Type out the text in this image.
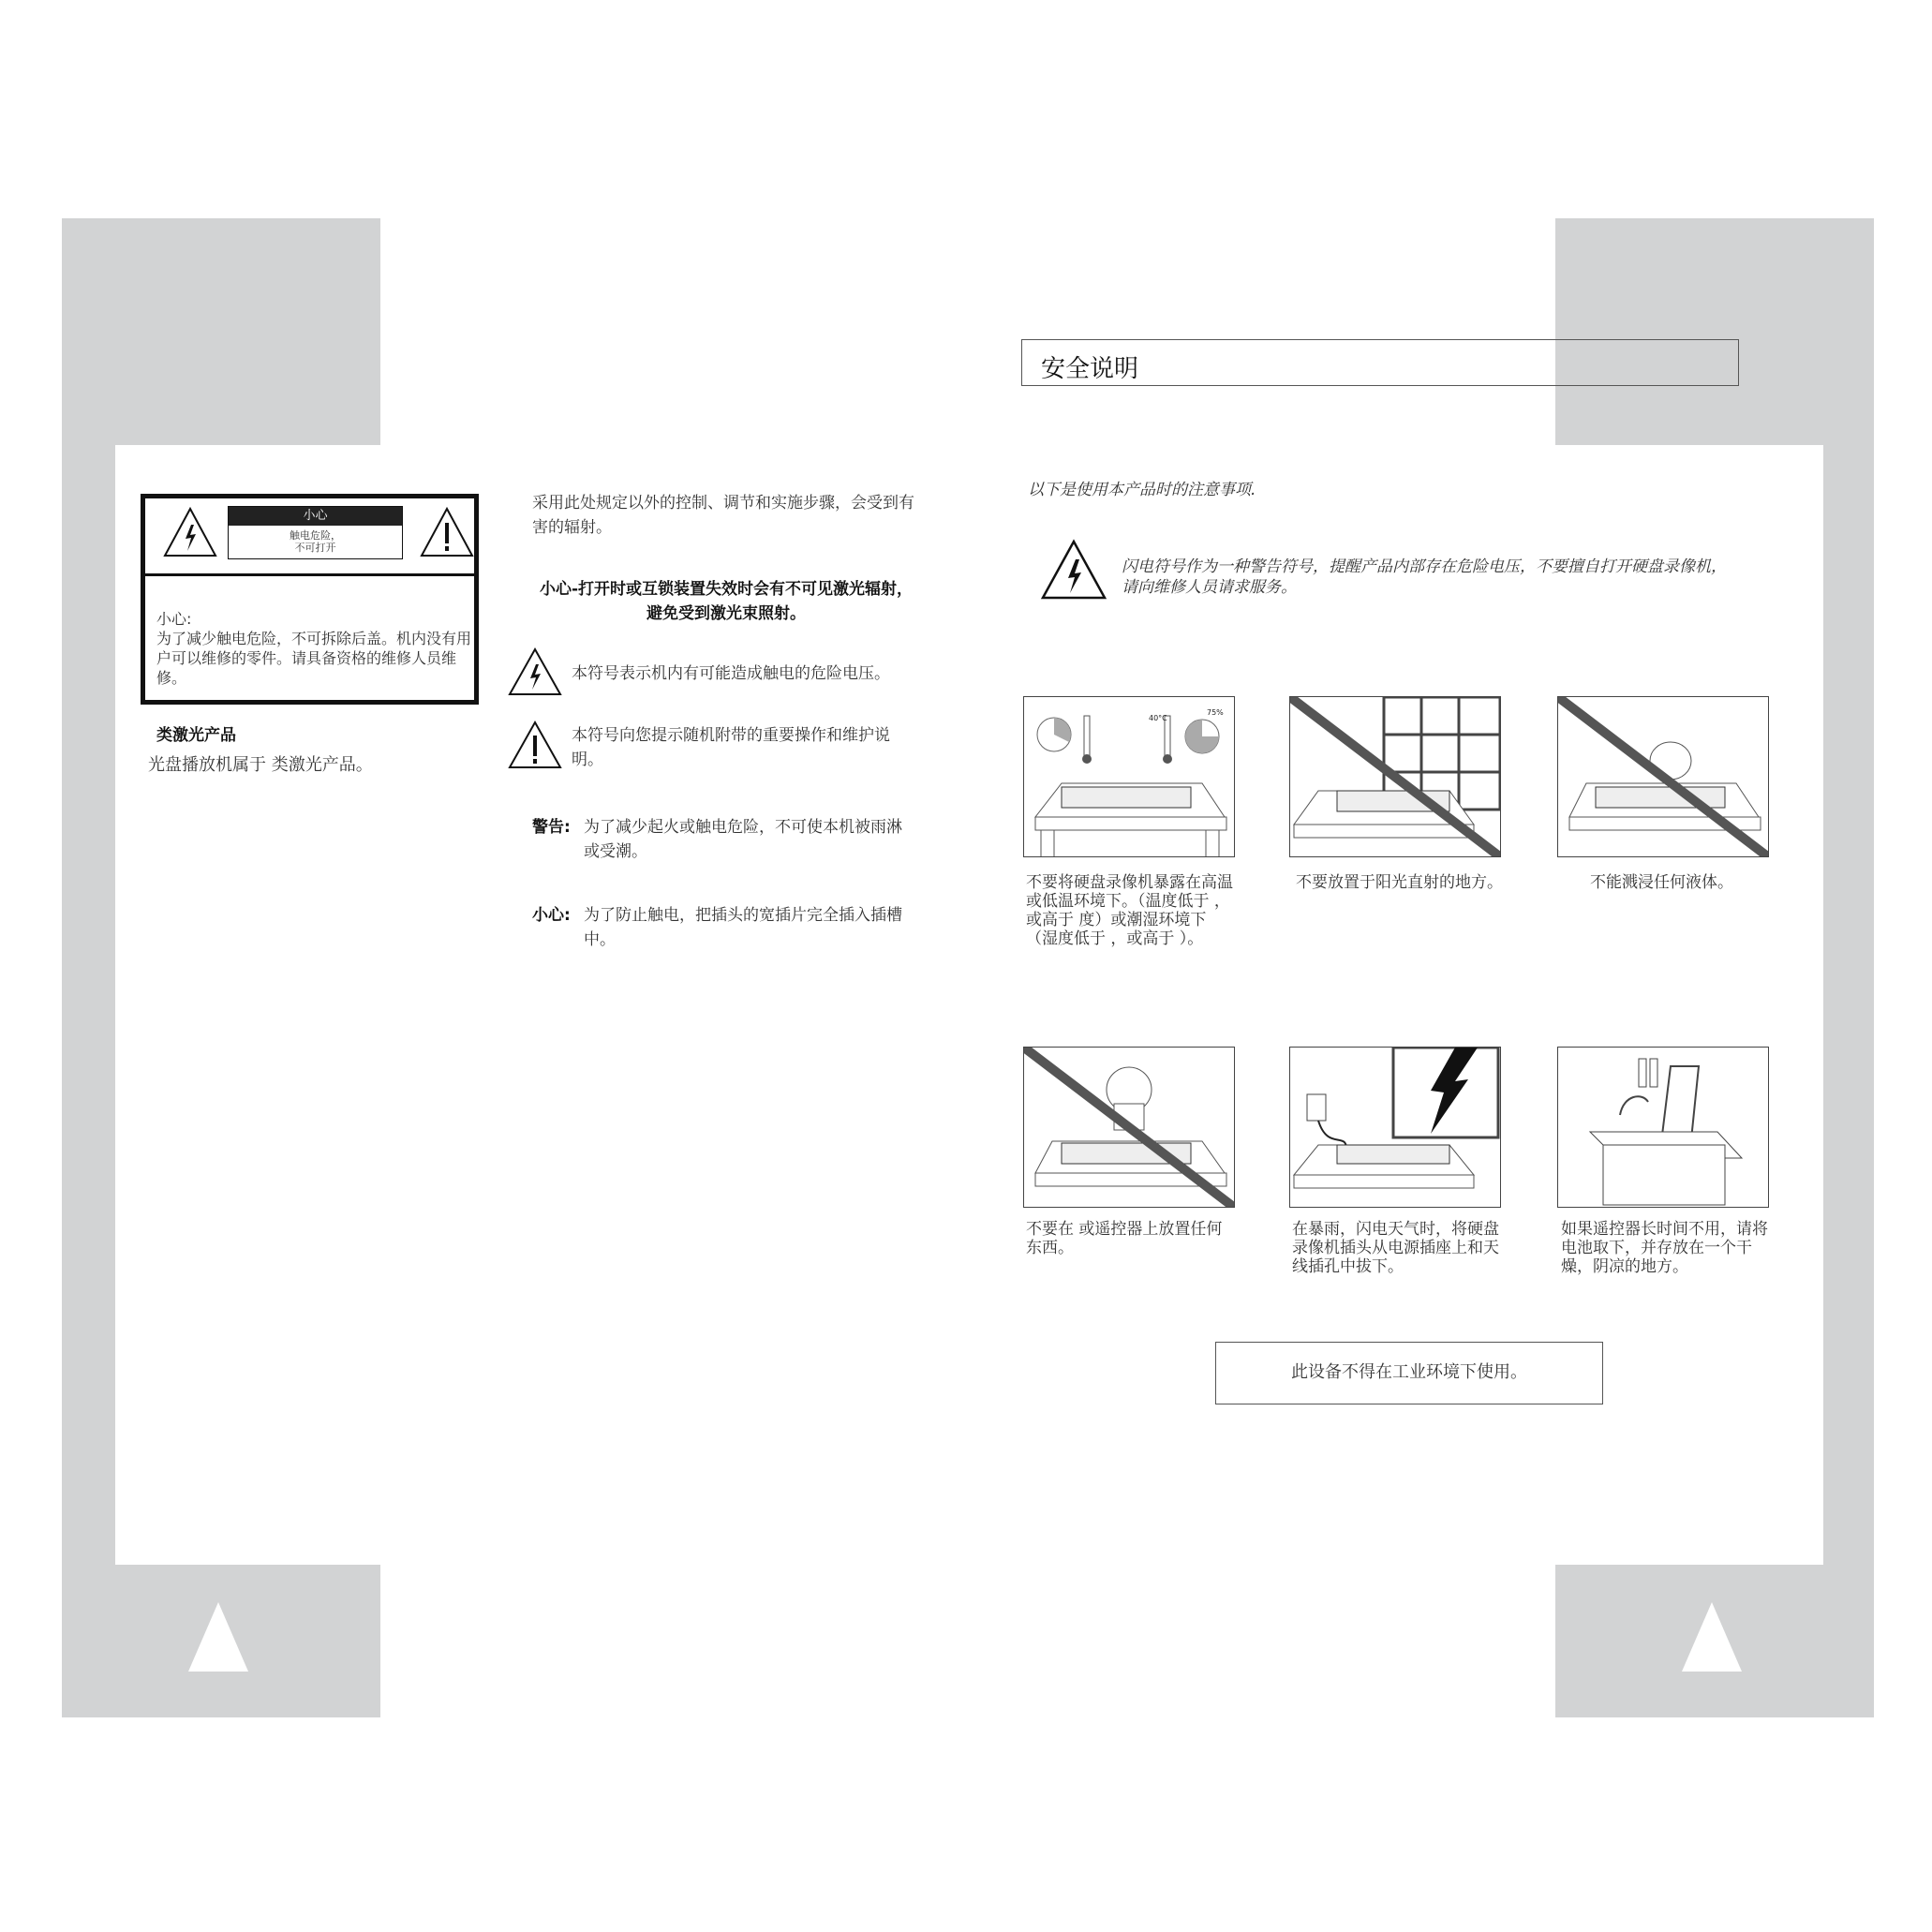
小心
触电危险，
不可打开
小心:
为了减少触电危险，不可拆除后盖。机内没有用户可以维修的零件。请具备资格的维修人员维修。
类激光产品
光盘播放机属于 类激光产品。
采用此处规定以外的控制、调节和实施步骤，会受到有害的辐射。
小心-打开时或互锁装置失效时会有不可见激光辐射，避免受到激光束照射。
本符号表示机内有可能造成触电的危险电压。
本符号向您提示随机附带的重要操作和维护说明。
警告: 为了减少起火或触电危险，不可使本机被雨淋或受潮。
小心: 为了防止触电，把插头的宽插片完全插入插槽中。
安全说明
以下是使用本产品时的注意事项.
闪电符号作为一种警告符号，提醒产品内部存在危险电压，不要擅自打开硬盘录像机，
请向维修人员请求服务。
40°C
75%
不要将硬盘录像机暴露在高温或低温环境下。（温度低于 ，或高于 度）或潮湿环境下（湿度低于 ，或高于 ）。
不要放置于阳光直射的地方。	不能溅浸任何液体。
不要在 或遥控器上放置任何东西。
在暴雨，闪电天气时，将硬盘录像机插头从电源插座上和天线插孔中拔下。
如果遥控器长时间不用，请将电池取下，并存放在一个干燥，阴凉的地方。
此设备不得在工业环境下使用。
